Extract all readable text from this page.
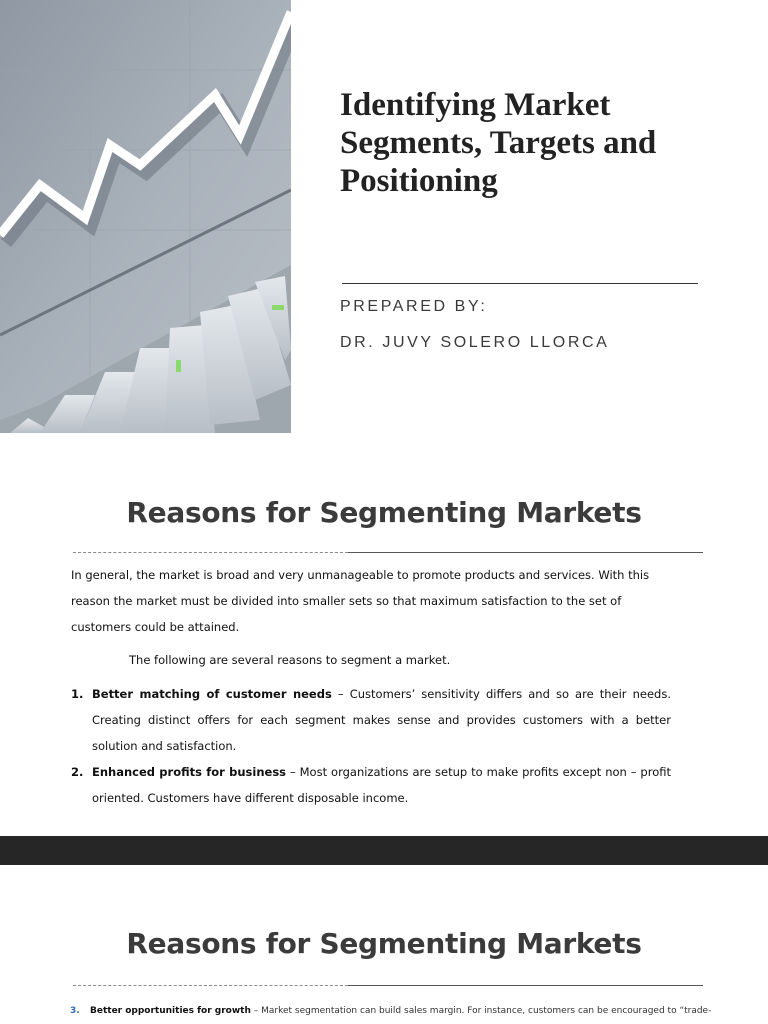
Identifying Market

Segments, Targets and

Positioning

PREPARED BY:

DR. JUVY SOLERO LLORCA

Reasons for Segmenting Markets

In general, the market is broad and very unmanageable to promote products and services. With this

reason the market must be divided into smaller sets so that maximum satisfaction to the set of

customers could be attained.

The following are several reasons to segment a market.

1. Better matching of customer needs – Customers’ sensitivity differs and so are their needs. Creating distinct offers for each segment makes sense and provides customers with a better solution and satisfaction.
2. Enhanced profits for business – Most organizations are setup to make profits except non – profit oriented. Customers have different disposable income.
Reasons for Segmenting Markets
3. Better opportunities for growth – Market segmentation can build sales margin. For instance, customers can be encouraged to “trade-
